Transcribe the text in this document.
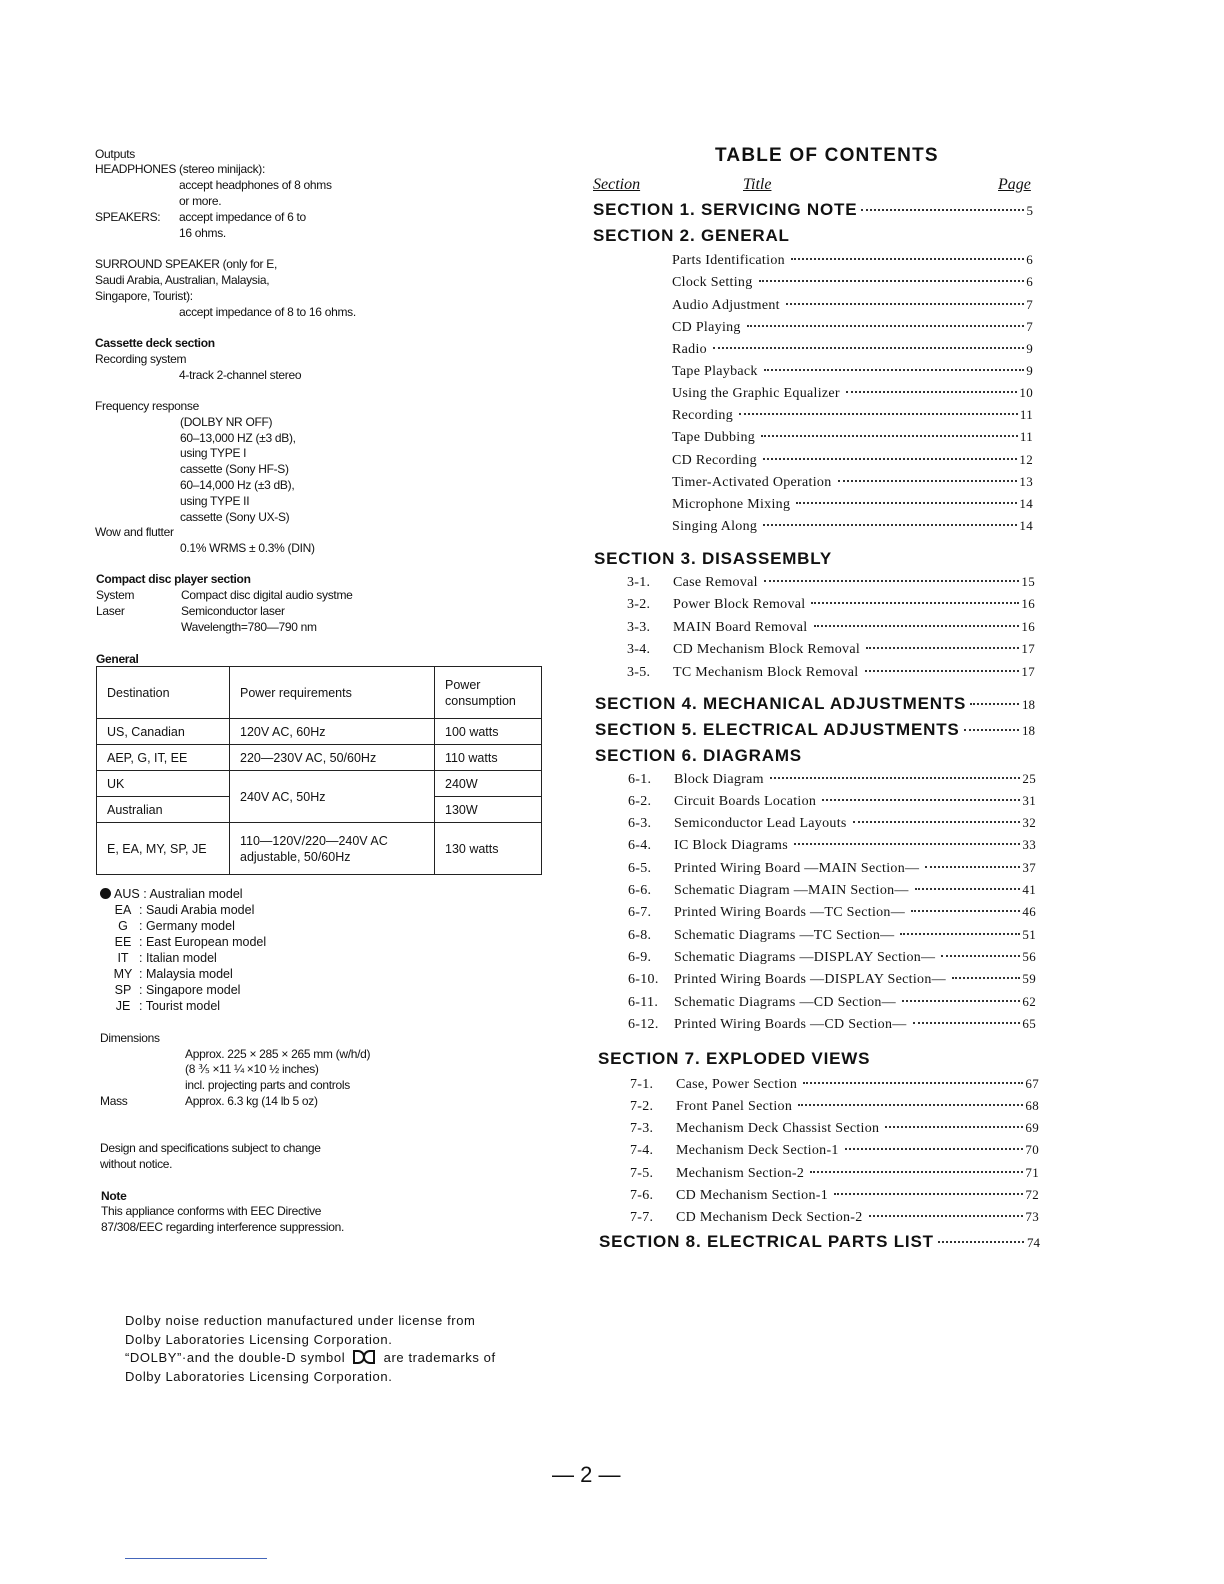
Outputs
HEADPHONES (stereo minijack):
accept headphones of 8 ohms
or more.
SPEAKERS: accept impedance of 6 to
16 ohms.
SURROUND SPEAKER (only for E,
Saudi Arabia, Australian, Malaysia,
Singapore, Tourist):
accept impedance of 8 to 16 ohms.
Cassette deck section
Recording system
4-track 2-channel stereo
Frequency response
(DOLBY NR OFF)
60–13,000 HZ (±3 dB),
using TYPE I
cassette (Sony HF-S)
60–14,000 Hz (±3 dB),
using TYPE II
cassette (Sony UX-S)
Wow and flutter
0.1% WRMS ± 0.3% (DIN)
Compact disc player section
System	Compact disc digital audio systme
Laser	Semiconductor laser
Wavelength=780—790 nm
General
Destination	Power requirements	Power consumption
US, Canadian	120V AC, 60Hz	100 watts
AEP, G, IT, EE	220—230V AC, 50/60Hz	110 watts
UK	240V AC, 50Hz	240W
Australian		130W
E, EA, MY, SP, JE	110—120V/220—240V AC
adjustable, 50/60Hz	130 watts
AUS : Australian model
EA : Saudi Arabia model
G : Germany model
EE : East European model
IT : Italian model
MY : Malaysia model
SP : Singapore model
JE : Tourist model
Dimensions
Approx. 225 × 285 × 265 mm (w/h/d)
(8 ⅗ ×11 ¼ ×10 ½ inches)
incl. projecting parts and controls
Mass	Approx. 6.3 kg (14 lb 5 oz)
Design and specifications subject to change
without notice.
Note
This appliance conforms with EEC Directive
87/308/EEC regarding interference suppression.
Dolby noise reduction manufactured under license from
Dolby Laboratories Licensing Corporation.
“DOLBY”·and the double-D symbol	are trademarks of
Dolby Laboratories Licensing Corporation.
TABLE OF CONTENTS
Section	Title	Page
SECTION 1. SERVICING NOTE	5
SECTION 2. GENERAL
Parts Identification	6
Clock Setting	6
Audio Adjustment	7
CD Playing	7
Radio	9
Tape Playback	9
Using the Graphic Equalizer	10
Recording	11
Tape Dubbing	11
CD Recording	12
Timer-Activated Operation	13
Microphone Mixing	14
Singing Along	14
SECTION 3. DISASSEMBLY
3-1.	Case Removal	15
3-2.	Power Block Removal	16
3-3.	MAIN Board Removal	16
3-4.	CD Mechanism Block Removal	17
3-5.	TC Mechanism Block Removal	17
SECTION 4. MECHANICAL ADJUSTMENTS	18
SECTION 5. ELECTRICAL ADJUSTMENTS	18
SECTION 6. DIAGRAMS
6-1.	Block Diagram	25
6-2.	Circuit Boards Location	31
6-3.	Semiconductor Lead Layouts	32
6-4.	IC Block Diagrams	33
6-5.	Printed Wiring Board —MAIN Section—	37
6-6.	Schematic Diagram —MAIN Section—	41
6-7.	Printed Wiring Boards —TC Section—	46
6-8.	Schematic Diagrams —TC Section—	51
6-9.	Schematic Diagrams —DISPLAY Section—	56
6-10.	Printed Wiring Boards —DISPLAY Section—	59
6-11.	Schematic Diagrams —CD Section—	62
6-12.	Printed Wiring Boards —CD Section—	65
SECTION 7. EXPLODED VIEWS
7-1.	Case, Power Section	67
7-2.	Front Panel Section	68
7-3.	Mechanism Deck Chassist Section	69
7-4.	Mechanism Deck Section-1	70
7-5.	Mechanism Section-2	71
7-6.	CD Mechanism Section-1	72
7-7.	CD Mechanism Deck Section-2	73
SECTION 8. ELECTRICAL PARTS LIST	74
— 2 —
